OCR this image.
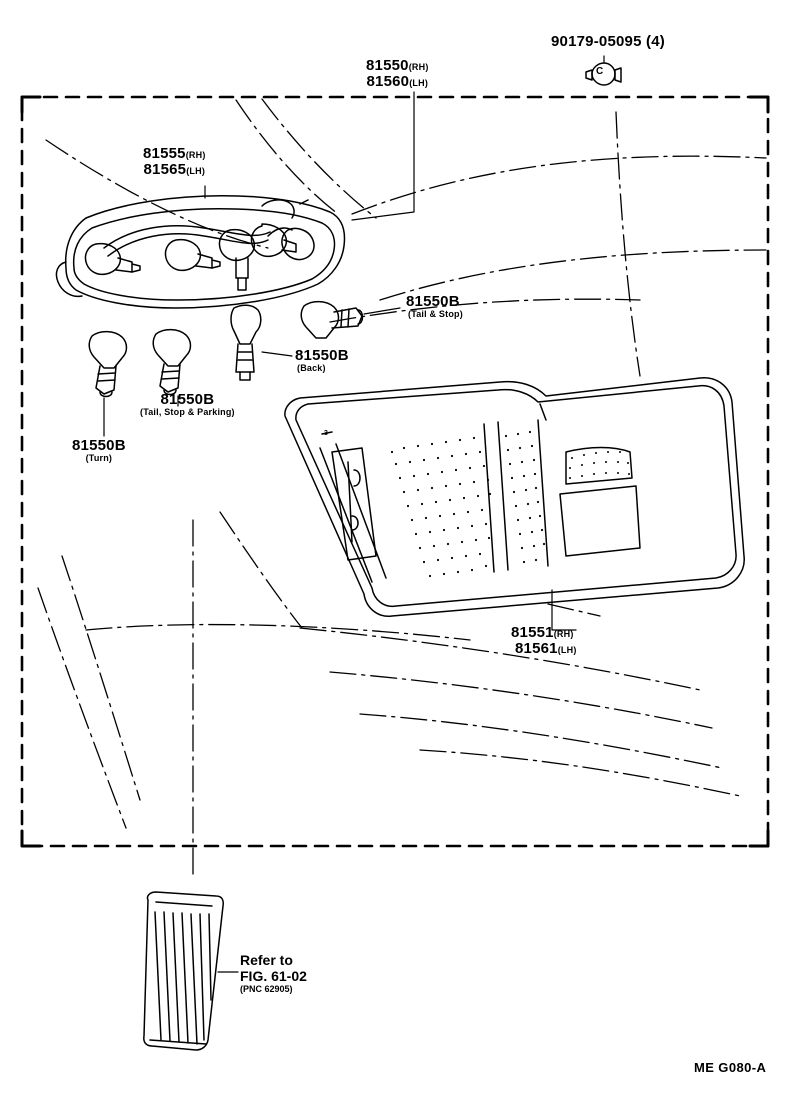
81550(RH)
81560(LH)
90179-05095 (4)
C
81555(RH)
81565(LH)
81550B
(Tail & Stop)
81550B
(Back)
81550B
(Tail, Stop & Parking)
81550B
(Turn)
81551(RH)
81561(LH)
3
Refer to
FIG. 61-02
(PNC 62905)
ME G080-A
